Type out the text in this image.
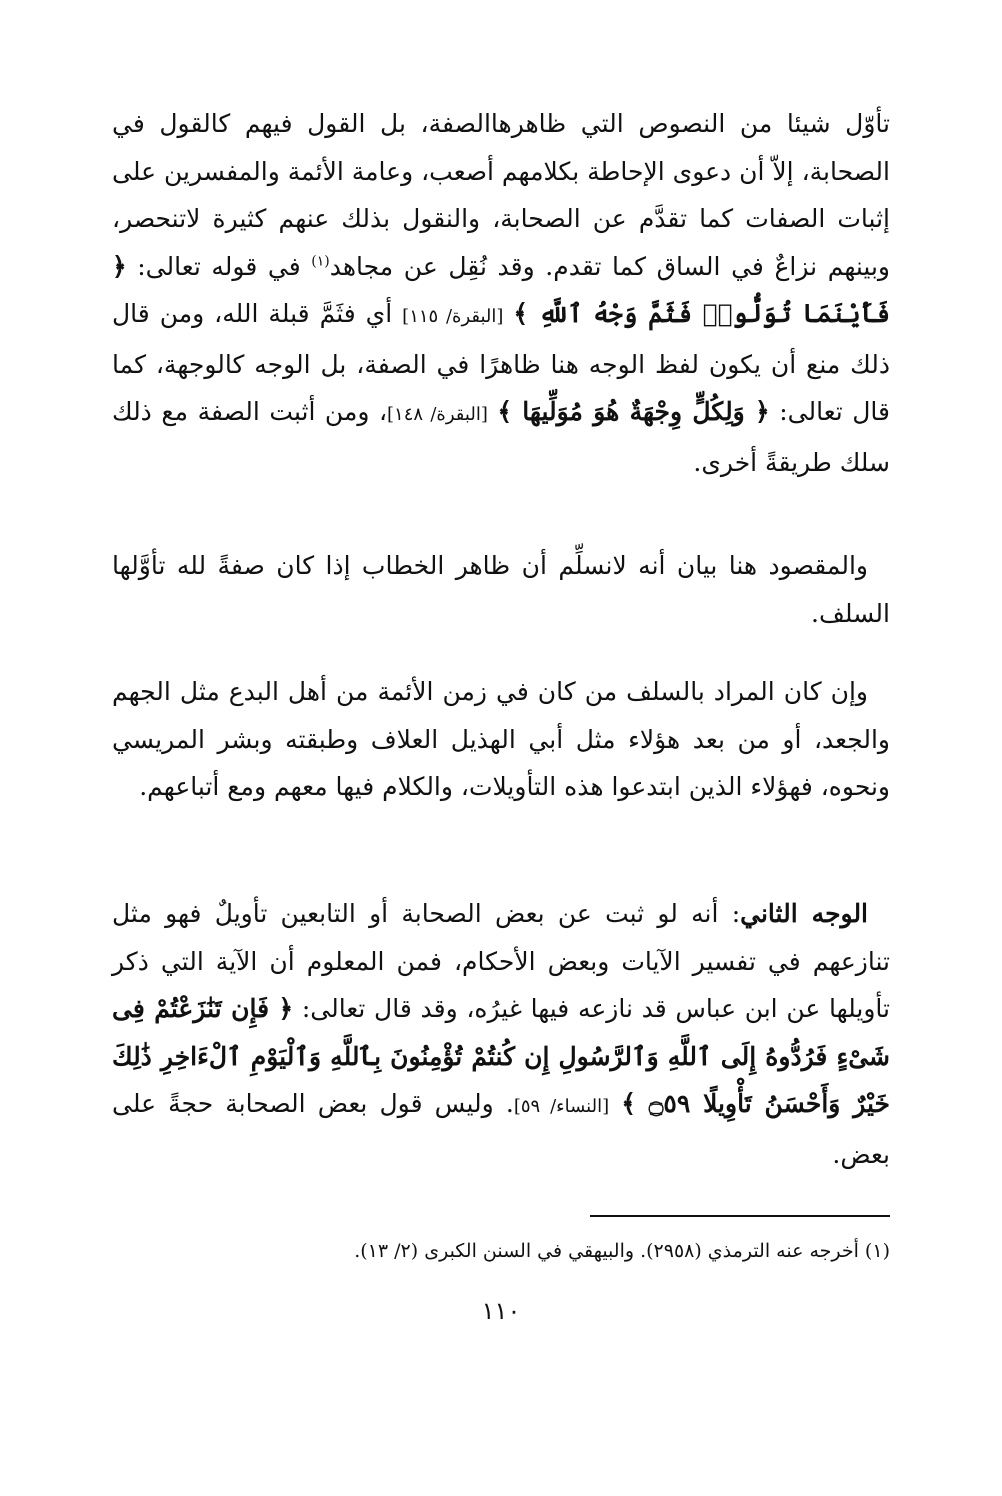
تأوّل شيئا من النصوص التي ظاهرهاالصفة، بل القول فيهم كالقول في الصحابة، إلاّ أن دعوى الإحاطة بكلامهم أصعب، وعامة الأئمة والمفسرين على إثبات الصفات كما تقدَّم عن الصحابة، والنقول بذلك عنهم كثيرة لاتنحصر، وبينهم نزاعٌ في الساق كما تقدم. وقد نُقِل عن مجاهد$^{(١)}$ في قوله تعالى: ﴿ فَأَيْنَمَا تُوَلُّوا۟ فَثَمَّ وَجْهُ ٱللَّهِ ﴾ [البقرة/ ١١٥] أي فثَمَّ قبلة الله، ومن قال ذلك منع أن يكون لفظ الوجه هنا ظاهرًا في الصفة، بل الوجه كالوجهة، كما قال تعالى: ﴿ وَلِكُلٍّ وِجْهَةٌ هُوَ مُوَلِّيهَا ﴾ [البقرة/ ١٤٨]، ومن أثبت الصفة مع ذلك سلك طريقةً أخرى.

والمقصود هنا بيان أنه لانسلِّم أن ظاهر الخطاب إذا كان صفةً لله تأوَّلها السلف.

وإن كان المراد بالسلف من كان في زمن الأئمة من أهل البدع مثل الجهم والجعد، أو من بعد هؤلاء مثل أبي الهذيل العلاف وطبقته وبشر المريسي ونحوه، فهؤلاء الذين ابتدعوا هذه التأويلات، والكلام فيها معهم ومع أتباعهم.

الوجه الثاني: أنه لو ثبت عن بعض الصحابة أو التابعين تأويلٌ فهو مثل تنازعهم في تفسير الآيات وبعض الأحكام، فمن المعلوم أن الآية التي ذكر تأويلها عن ابن عباس قد نازعه فيها غيرُه، وقد قال تعالى: ﴿ فَإِن تَنَٰزَعْتُمْ فِى شَىْءٍ فَرُدُّوهُ إِلَى ٱللَّهِ وَٱلرَّسُولِ إِن كُنتُمْ تُؤْمِنُونَ بِٱللَّهِ وَٱلْيَوْمِ ٱلْءَاخِرِ ذَٰلِكَ خَيْرٌ وَأَحْسَنُ تَأْوِيلًا ۝٥٩ ﴾ [النساء/ ٥٩]. وليس قول بعض الصحابة حجةً على بعض.

(١) أخرجه عنه الترمذي (٢٩٥٨). والبيهقي في السنن الكبرى (٢/ ١٣).

١١٠
